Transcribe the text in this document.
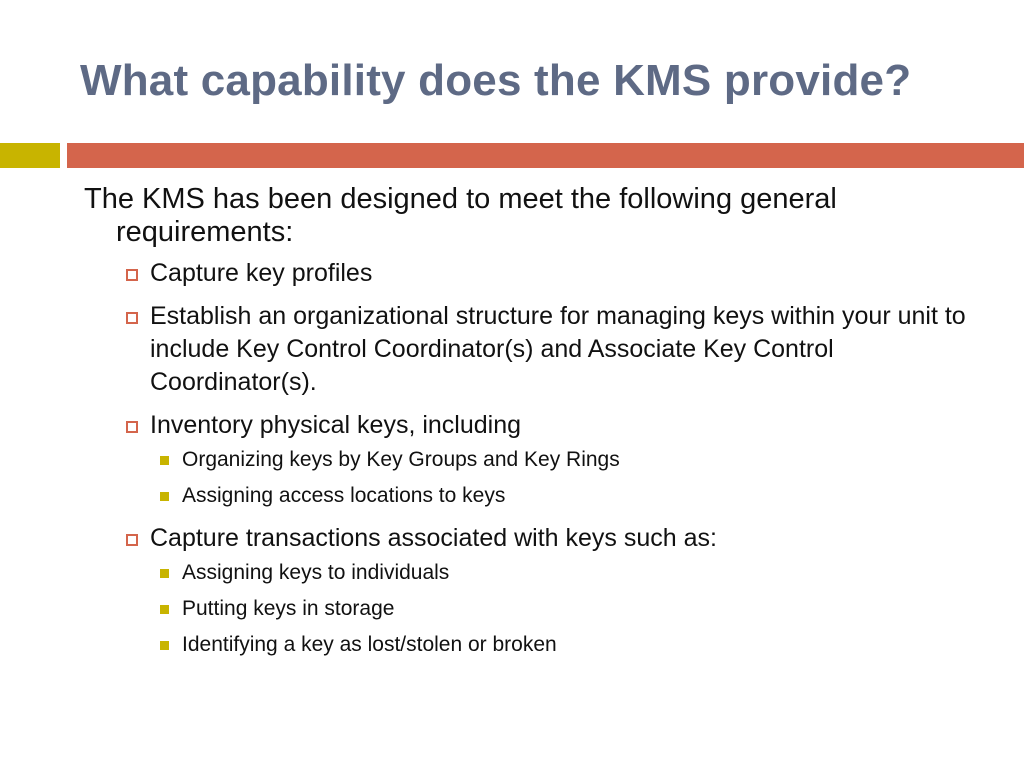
What capability does the KMS provide?

The KMS has been designed to meet the following general requirements:

Capture key profiles
Establish an organizational structure for managing keys within your unit to include Key Control Coordinator(s) and Associate Key Control Coordinator(s).
Inventory physical keys, including
Organizing keys by Key Groups and Key Rings
Assigning access locations to keys
Capture transactions associated with keys such as:
Assigning keys to individuals
Putting keys in storage
Identifying a key as lost/stolen or broken
